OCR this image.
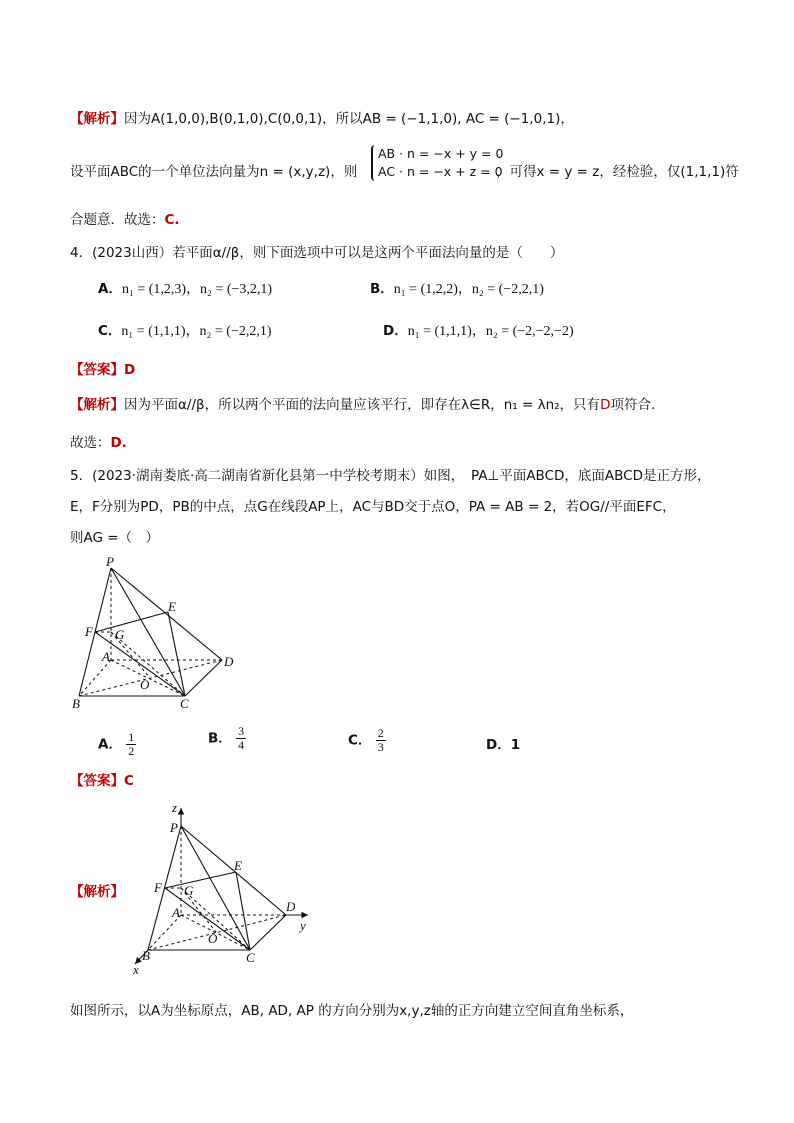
【解析】因为A(1,0,0),B(0,1,0),C(0,0,1)，所以AB = (−1,1,0), AC = (−1,0,1)，
设平面ABC的一个单位法向量为n = (x,y,z)，则
AB · n = −x + y = 0
AC · n = −x + z = 0
，可得x = y = z，经检验，仅(1,1,1)符
合题意．故选：C.
4．(2023山西）若平面α//β，则下面选项中可以是这两个平面法向量的是（　　）
A．n₁ = (1,2,3)，n₂ = (−3,2,1)	B．n₁ = (1,2,2)，n₂ = (−2,2,1)
C．n₁ = (1,1,1)，n₂ = (−2,2,1)	D．n₁ = (1,1,1)，n₂ = (−2,−2,−2)
【答案】D
【解析】因为平面α//β，所以两个平面的法向量应该平行，即存在λ∈R，n₁ = λn₂，只有D项符合.
故选：D.
5．(2023·湖南娄底·高二湖南省新化县第一中学校考期末）如图，　PA⊥平面ABCD，底面ABCD是正方形，
E，F分别为PD，PB的中点，点G在线段AP上，AC与BD交于点O，PA = AB = 2，若OG//平面EFC，
则AG =（　）
P
E
F G
A	D
O
B	C
A． $\frac{1}{2}$	B． $\frac{3}{4}$	C． $\frac{2}{3}$	D．1
【答案】C
【解析】
z
P
E
F G
A	D
y
O
B	C
x
如图所示，以A为坐标原点，AB, AD, AP 的方向分别为x,y,z轴的正方向建立空间直角坐标系，
